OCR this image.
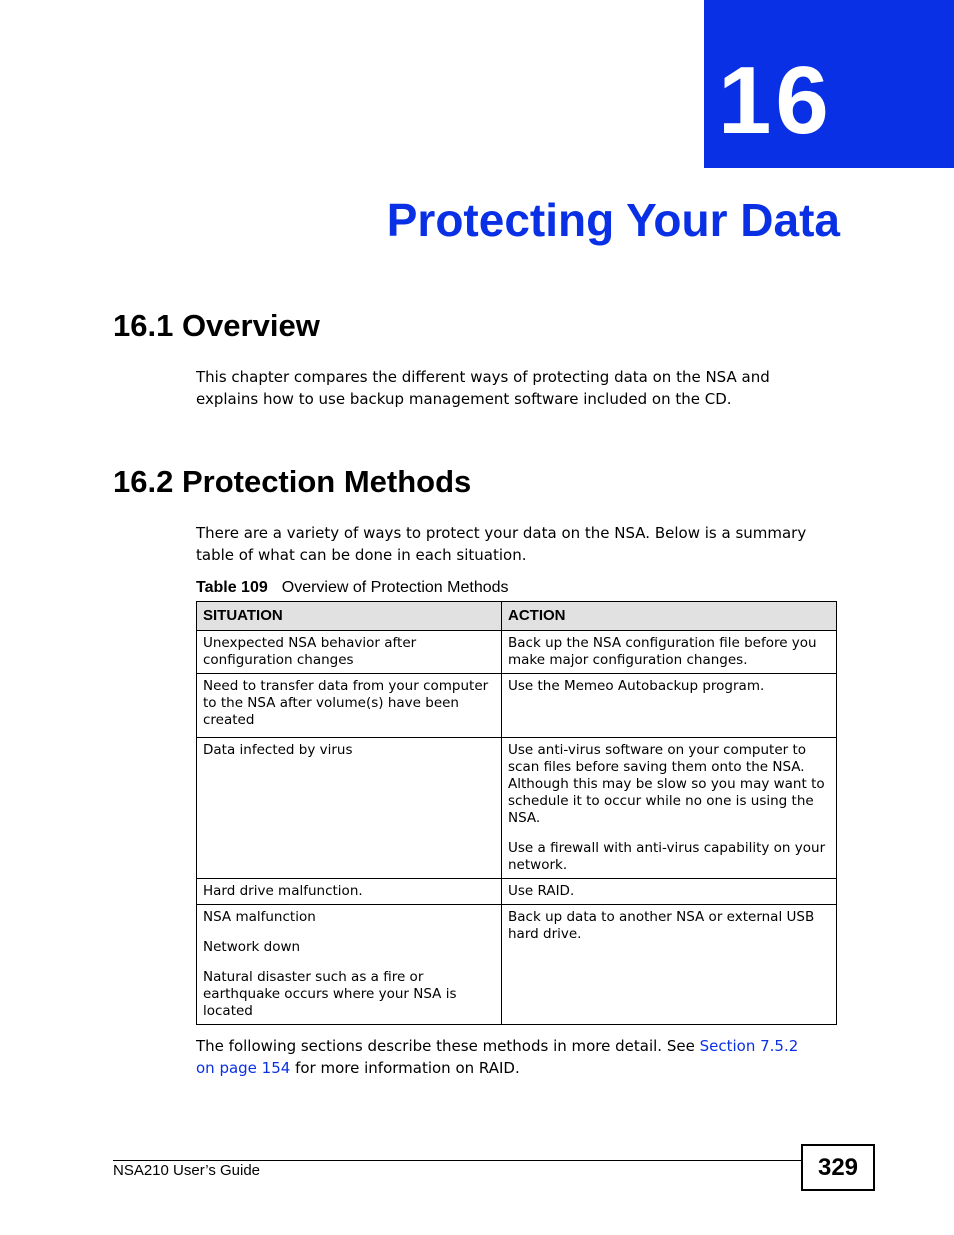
16
Protecting Your Data
16.1 Overview
This chapter compares the different ways of protecting data on the NSA and
explains how to use backup management software included on the CD.
16.2 Protection Methods
There are a variety of ways to protect your data on the NSA. Below is a summary
table of what can be done in each situation.
Table 109 Overview of Protection Methods
SITUATION	ACTION

Unexpected NSA behavior after configuration changes	Back up the NSA configuration file before you make major configuration changes.

Need to transfer data from your computer to the NSA after volume(s) have been created	Use the Memeo Autobackup program.

Data infected by virus	Use anti-virus software on your computer to scan files before saving them onto the NSA. Although this may be slow so you may want to schedule it to occur while no one is using the NSA.

Use a firewall with anti-virus capability on your network.

Hard drive malfunction.	Use RAID.

NSA malfunction

Network down

Natural disaster such as a fire or earthquake occurs where your NSA is located	Back up data to another NSA or external USB hard drive.

The following sections describe these methods in more detail. See Section 7.5.2
on page 154 for more information on RAID.
NSA210 User’s Guide	329
